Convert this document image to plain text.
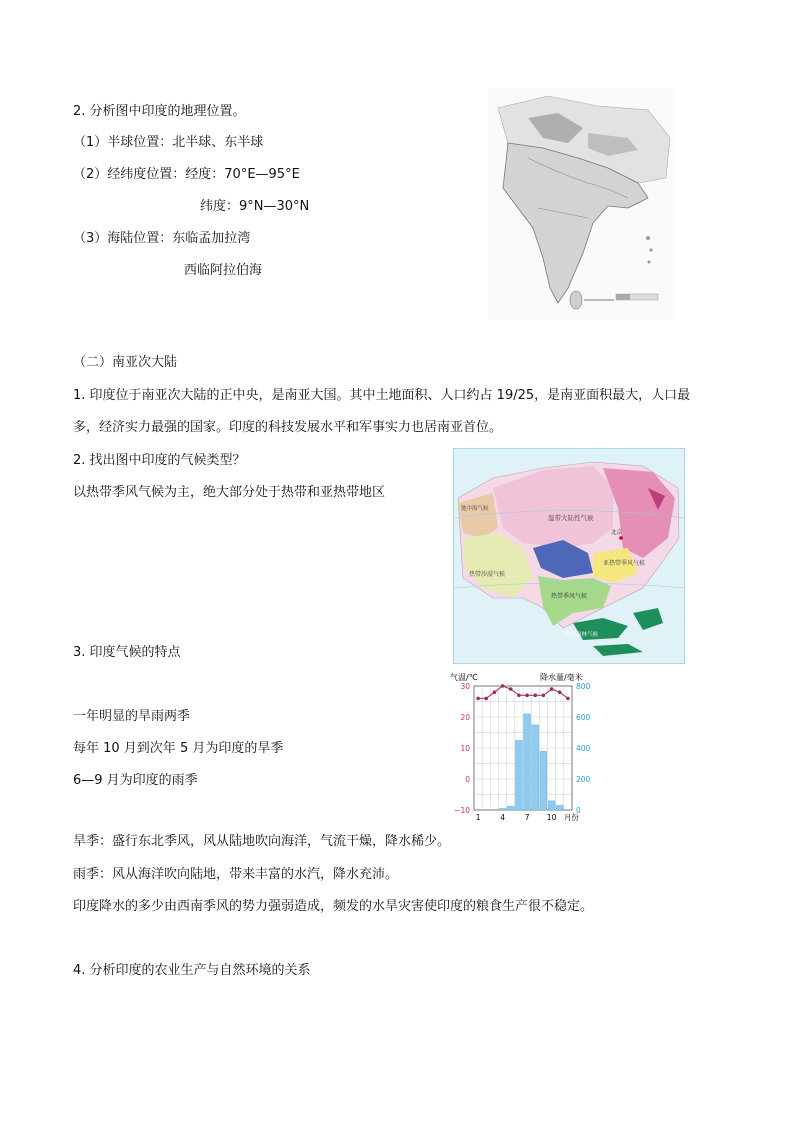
2. 分析图中印度的地理位置。
（1）半球位置：北半球、东半球
（2）经纬度位置：经度：70°E—95°E
纬度：9°N—30°N
（3）海陆位置：东临孟加拉湾
西临阿拉伯海
（二）南亚次大陆
1. 印度位于南亚次大陆的正中央，是南亚大国。其中土地面积、人口约占 19/25，是南亚面积最大，人口最
多，经济实力最强的国家。印度的科技发展水平和军事实力也居南亚首位。
2. 找出图中印度的气候类型？
以热带季风气候为主，绝大部分处于热带和亚热带地区
温带大陆性气候
亚热带季风气候
热带季风气候
热带沙漠气候
热带雨林气候
地中海气候
北京
3. 印度气候的特点
一年明显的旱雨两季
每年 10 月到次年 5 月为印度的旱季
6—9 月为印度的雨季
气温/℃	降水量/毫米
30
20
10
0
−10
800
600
400
200
0
1	4	7 10 月份
旱季：盛行东北季风，风从陆地吹向海洋，气流干燥，降水稀少。
雨季：风从海洋吹向陆地，带来丰富的水汽，降水充沛。
印度降水的多少由西南季风的势力强弱造成，频发的水旱灾害使印度的粮食生产很不稳定。
4. 分析印度的农业生产与自然环境的关系
